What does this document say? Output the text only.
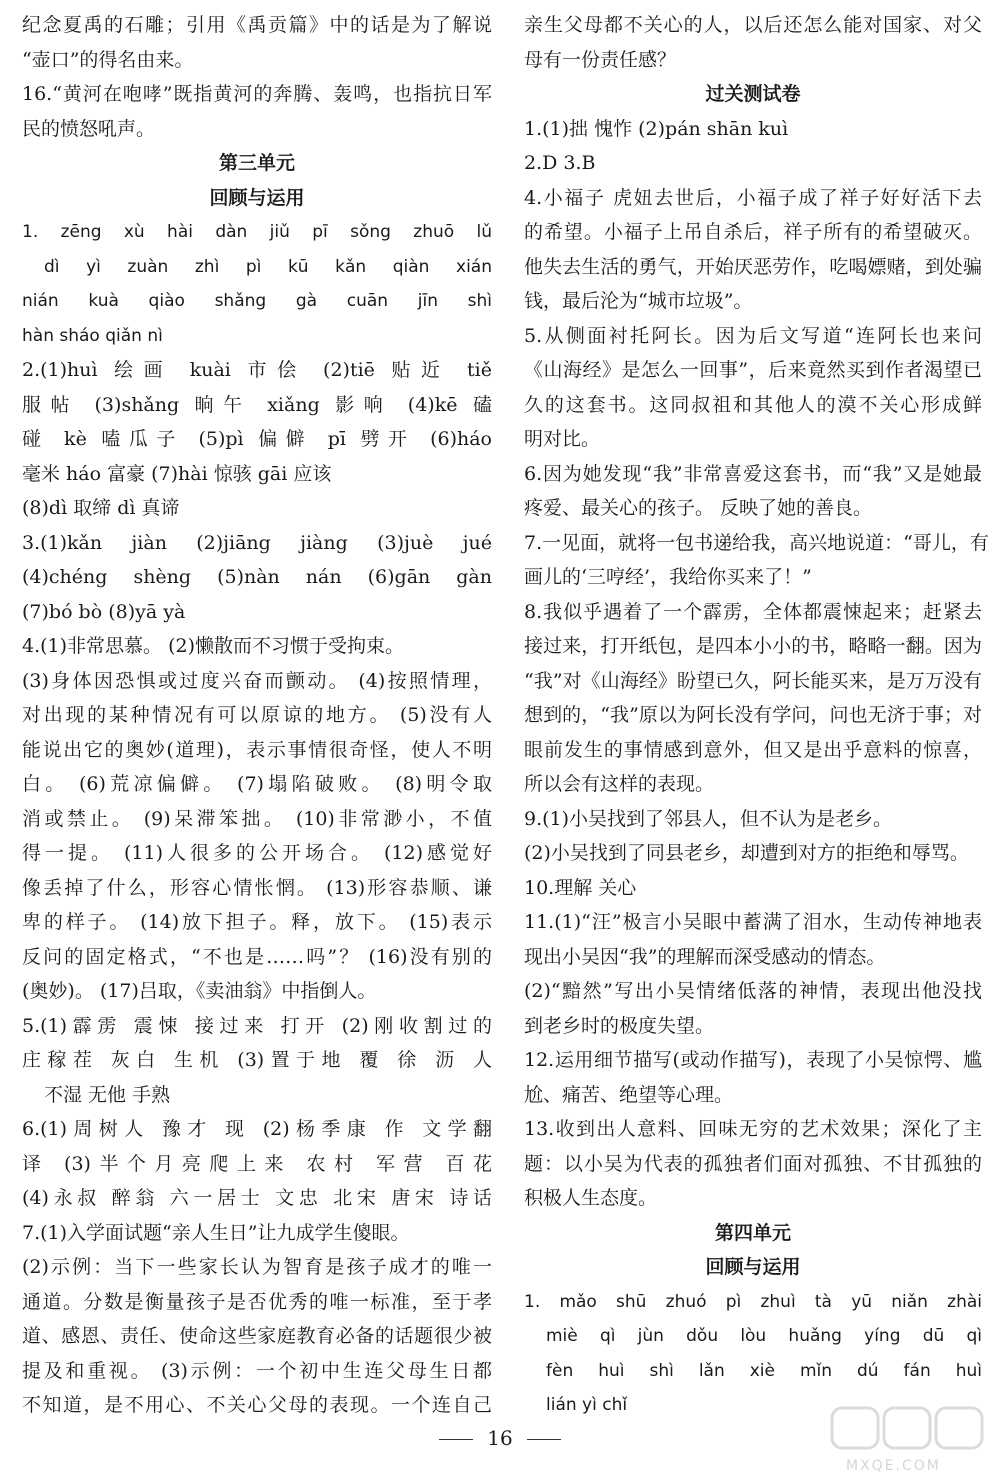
纪念夏禹的石雕；引用《禹贡篇》中的话是为了解说
“壶口”的得名由来。
16.“黄河在咆哮”既指黄河的奔腾、轰鸣，也指抗日军
民的愤怒吼声。
第三单元
回顾与运用
1. zēng xù hài dàn jiǔ pī sǒng zhuō lǔ
dì yì zuàn zhì pì kū kǎn qiàn xián
nián kuà qiào shǎng gà cuān jīn shì
hàn sháo qiǎn nì
2.(1)huì 绘画 kuài 市侩 (2)tiē 贴近 tiě
服帖 (3)shǎng 晌午 xiǎng 影响 (4)kē 磕
碰 kè 嗑瓜子 (5)pì 偏僻 pī 劈开 (6)háo
毫米 háo 富豪 (7)hài 惊骇 gāi 应该
(8)dì 取缔 dì 真谛
3.(1)kǎn jiàn (2)jiāng jiàng (3)juè jué
(4)chéng shèng (5)nàn nán (6)gān gàn
(7)bó bò (8)yā yà
4.(1)非常思慕。 (2)懒散而不习惯于受拘束。
(3)身体因恐惧或过度兴奋而颤动。 (4)按照情理，
对出现的某种情况有可以原谅的地方。 (5)没有人
能说出它的奥妙(道理)，表示事情很奇怪，使人不明
白。 (6)荒凉偏僻。 (7)塌陷破败。 (8)明令取
消或禁止。 (9)呆滞笨拙。 (10)非常渺小，不值
得一提。 (11)人很多的公开场合。 (12)感觉好
像丢掉了什么，形容心情怅惘。 (13)形容恭顺、谦
卑的样子。 (14)放下担子。释，放下。 (15)表示
反问的固定格式，“不也是……吗”？ (16)没有别的
(奥妙)。 (17)吕取，《卖油翁》中指倒人。
5.(1)霹雳 震悚 接过来 打开 (2)刚收割过的
庄稼茬 灰白 生机 (3)置于地 覆 徐 沥 人
不湿 无他 手熟
6.(1)周树人 豫才 现 (2)杨季康 作 文学翻
译 (3)半个月亮爬上来 农村 军营 百花
(4)永叔 醉翁 六一居士 文忠 北宋 唐宋 诗话
7.(1)入学面试题“亲人生日”让九成学生傻眼。
(2)示例：当下一些家长认为智育是孩子成才的唯一
通道。分数是衡量孩子是否优秀的唯一标准，至于孝
道、感恩、责任、使命这些家庭教育必备的话题很少被
提及和重视。 (3)示例：一个初中生连父母生日都
不知道，是不用心、不关心父母的表现。一个连自己
亲生父母都不关心的人，以后还怎么能对国家、对父
母有一份责任感？
过关测试卷
1.(1)拙 愧怍 (2)pán shān kuì
2.D 3.B
4.小福子 虎妞去世后，小福子成了祥子好好活下去
的希望。小福子上吊自杀后，祥子所有的希望破灭。
他失去生活的勇气，开始厌恶劳作，吃喝嫖赌，到处骗
钱，最后沦为“城市垃圾”。
5.从侧面衬托阿长。因为后文写道“连阿长也来问
《山海经》是怎么一回事”，后来竟然买到作者渴望已
久的这套书。这同叔祖和其他人的漠不关心形成鲜
明对比。
6.因为她发现“我”非常喜爱这套书，而“我”又是她最
疼爱、最关心的孩子。 反映了她的善良。
7.一见面，就将一包书递给我，高兴地说道：“哥儿，有
画儿的‘三哼经’，我给你买来了！”
8.我似乎遇着了一个霹雳，全体都震悚起来；赶紧去
接过来，打开纸包，是四本小小的书，略略一翻。因为
“我”对《山海经》盼望已久，阿长能买来，是万万没有
想到的，“我”原以为阿长没有学问，问也无济于事；对
眼前发生的事情感到意外，但又是出乎意料的惊喜，
所以会有这样的表现。
9.(1)小吴找到了邻县人，但不认为是老乡。
(2)小吴找到了同县老乡，却遭到对方的拒绝和辱骂。
10.理解 关心
11.(1)“汪”极言小吴眼中蓄满了泪水，生动传神地表
现出小吴因“我”的理解而深受感动的情态。
(2)“黯然”写出小吴情绪低落的神情，表现出他没找
到老乡时的极度失望。
12.运用细节描写(或动作描写)，表现了小吴惊愕、尴
尬、痛苦、绝望等心理。
13.收到出人意料、回味无穷的艺术效果；深化了主
题：以小吴为代表的孤独者们面对孤独、不甘孤独的
积极人生态度。
第四单元
回顾与运用
1. mǎo shū zhuó pì zhuì tà yū niǎn zhài
miè qì jùn dǒu lòu huǎng yíng dū qì
fèn huì shì lǎn xiè mǐn dú fán huì
lián yì chǐ
16
MXQE.COM
